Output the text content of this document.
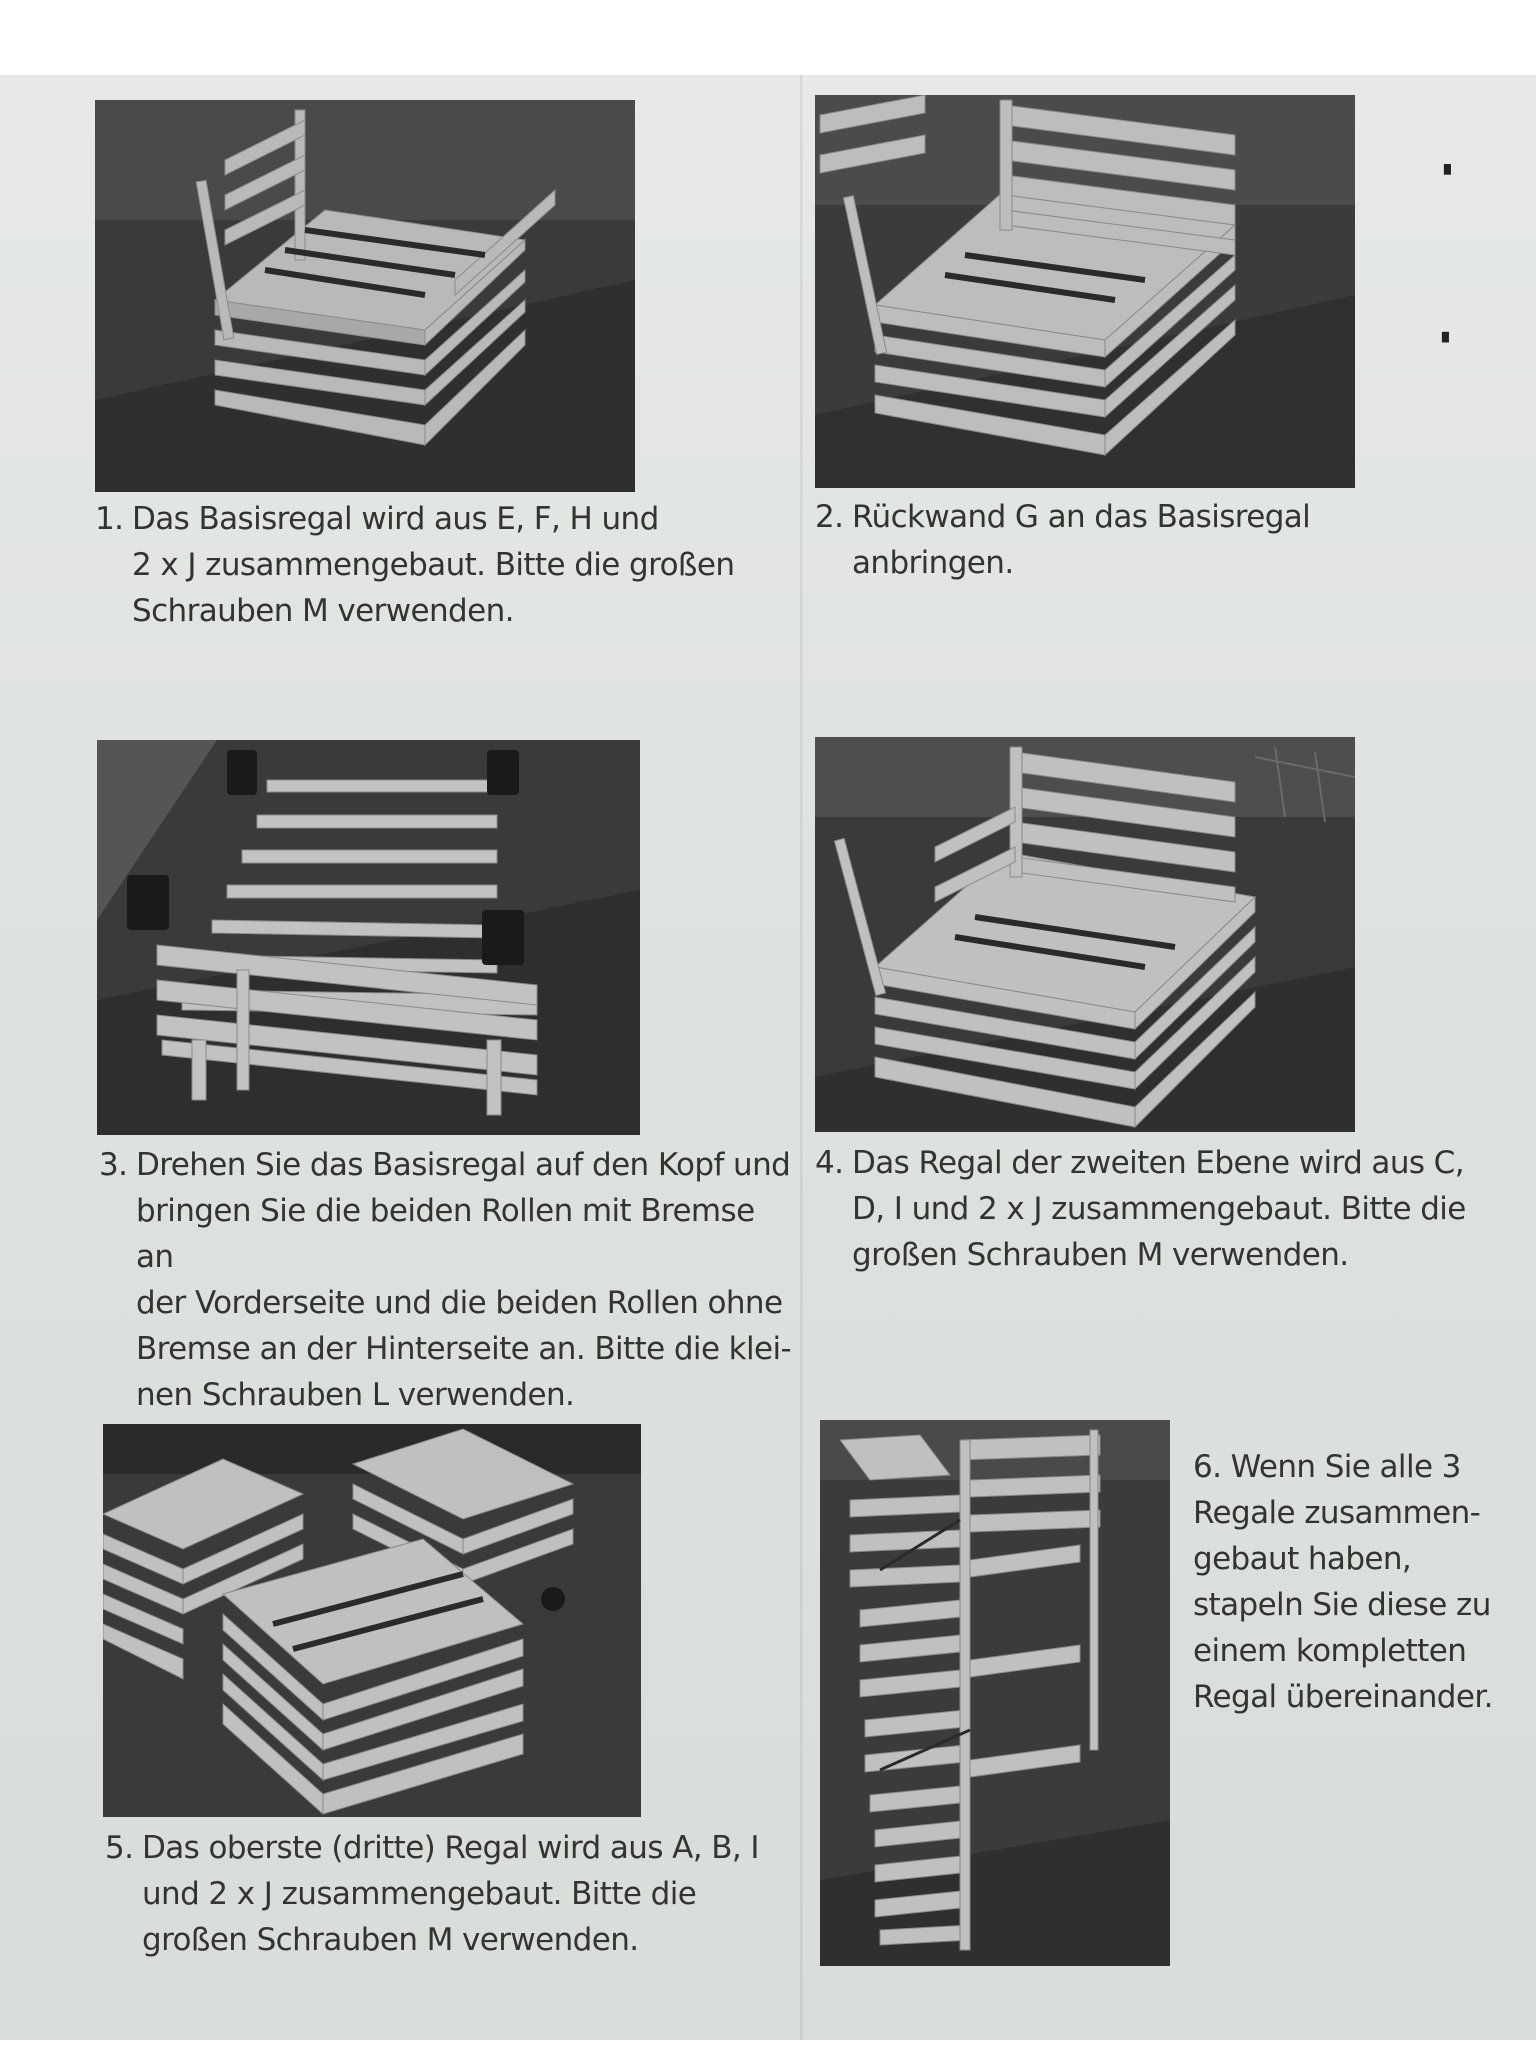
1. Das Basisregal wird aus E, F, H und
2 x J zusammengebaut. Bitte die großen
Schrauben M verwenden.
2. Rückwand G an das Basisregal
anbringen.
3. Drehen Sie das Basisregal auf den Kopf und
bringen Sie die beiden Rollen mit Bremse an
der Vorderseite und die beiden Rollen ohne
Bremse an der Hinterseite an. Bitte die klei-
nen Schrauben L verwenden.
4. Das Regal der zweiten Ebene wird aus C,
D, I und 2 x J zusammengebaut. Bitte die
großen Schrauben M verwenden.
5. Das oberste (dritte) Regal wird aus A, B, I
und 2 x J zusammengebaut. Bitte die
großen Schrauben M verwenden.
6. Wenn Sie alle 3
Regale zusammen-
gebaut haben,
stapeln Sie diese zu
einem kompletten
Regal übereinander.
▘
▖
